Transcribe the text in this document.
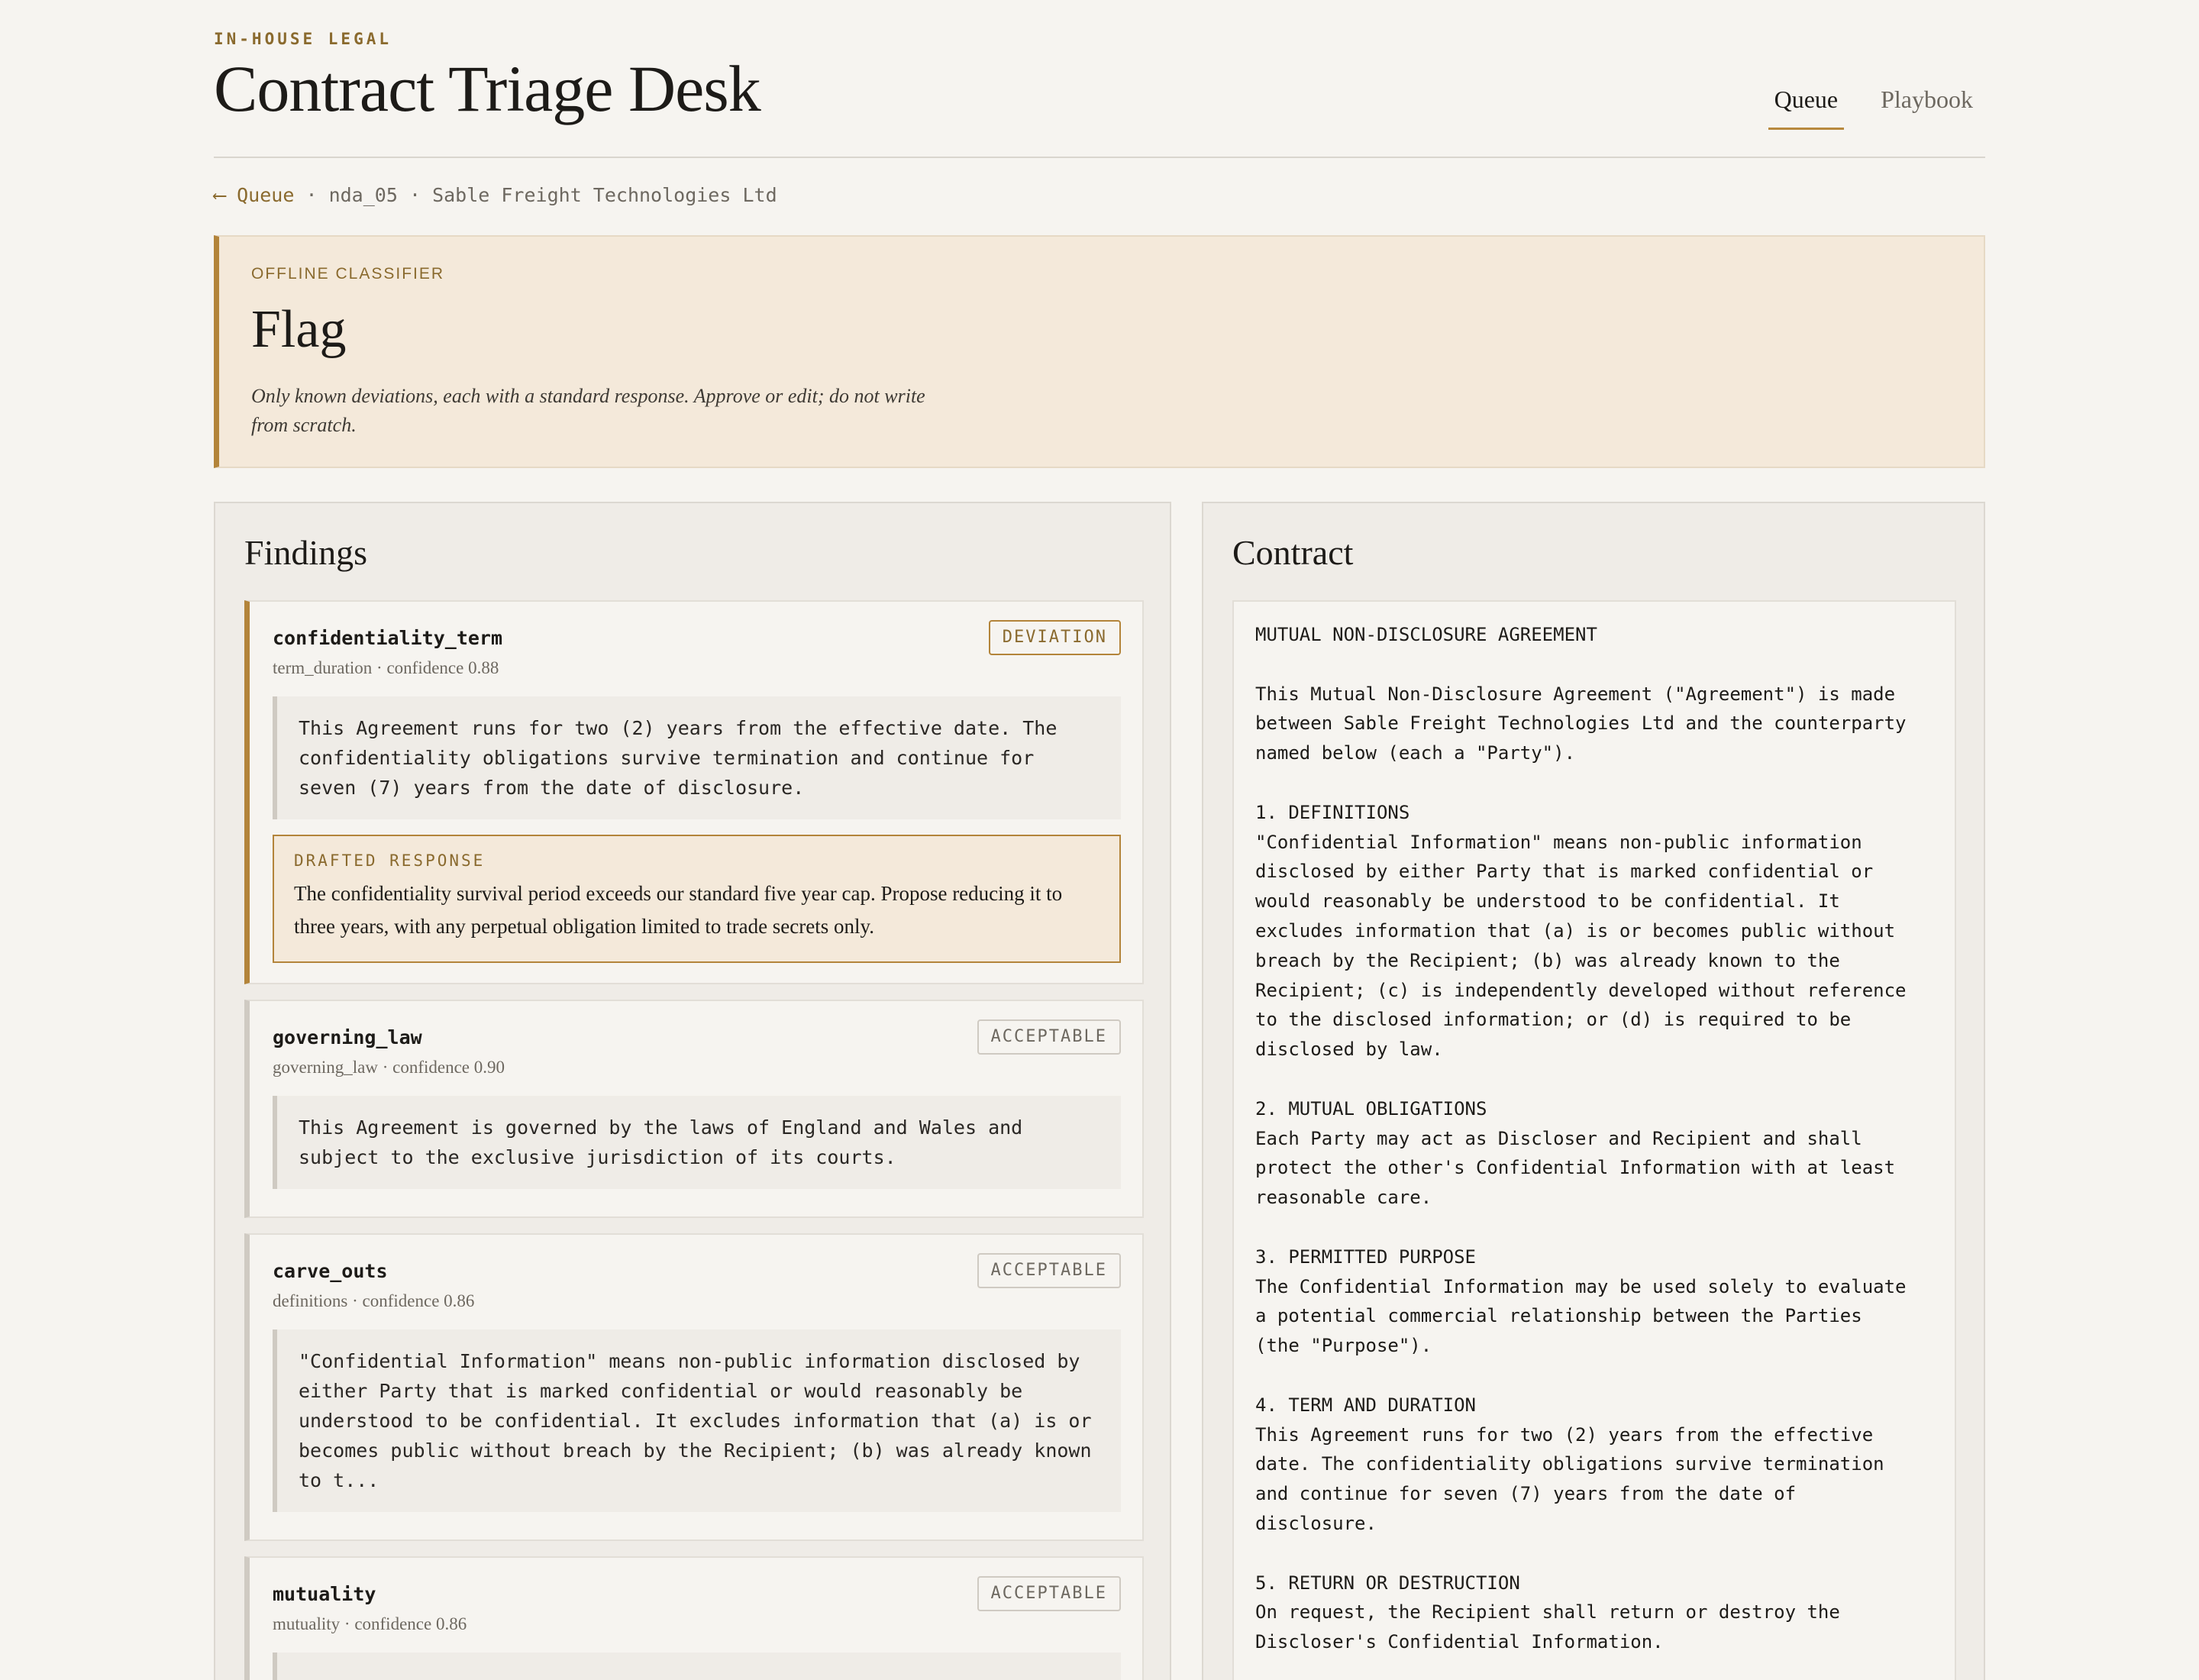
IN-HOUSE LEGAL
Contract Triage Desk	Queue Playbook
⟵ Queue · nda_05 · Sable Freight Technologies Ltd
OFFLINE CLASSIFIER
Flag

Only known deviations, each with a standard response. Approve or edit; do not write from scratch.

Findings
confidentiality_term	DEVIATION
term_duration · confidence 0.88
This Agreement runs for two (2) years from the effective date. The confidentiality obligations survive termination and continue for seven (7) years from the date of disclosure.
DRAFTED RESPONSE
The confidentiality survival period exceeds our standard five year cap. Propose reducing it to three years, with any perpetual obligation limited to trade secrets only.
governing_law	ACCEPTABLE
governing_law · confidence 0.90
This Agreement is governed by the laws of England and Wales and subject to the exclusive jurisdiction of its courts.
carve_outs	ACCEPTABLE
definitions · confidence 0.86
"Confidential Information" means non-public information disclosed by either Party that is marked confidential or would reasonably be understood to be confidential. It excludes information that (a) is or becomes public without breach by the Recipient; (b) was already known to t...
mutuality	ACCEPTABLE
mutuality · confidence 0.86

Contract
MUTUAL NON-DISCLOSURE AGREEMENT

This Mutual Non-Disclosure Agreement ("Agreement") is made
between Sable Freight Technologies Ltd and the counterparty
named below (each a "Party").

1. DEFINITIONS
"Confidential Information" means non-public information
disclosed by either Party that is marked confidential or
would reasonably be understood to be confidential. It
excludes information that (a) is or becomes public without
breach by the Recipient; (b) was already known to the
Recipient; (c) is independently developed without reference
to the disclosed information; or (d) is required to be
disclosed by law.

2. MUTUAL OBLIGATIONS
Each Party may act as Discloser and Recipient and shall
protect the other's Confidential Information with at least
reasonable care.

3. PERMITTED PURPOSE
The Confidential Information may be used solely to evaluate
a potential commercial relationship between the Parties
(the "Purpose").

4. TERM AND DURATION
This Agreement runs for two (2) years from the effective
date. The confidentiality obligations survive termination
and continue for seven (7) years from the date of
disclosure.

5. RETURN OR DESTRUCTION
On request, the Recipient shall return or destroy the
Discloser's Confidential Information.
